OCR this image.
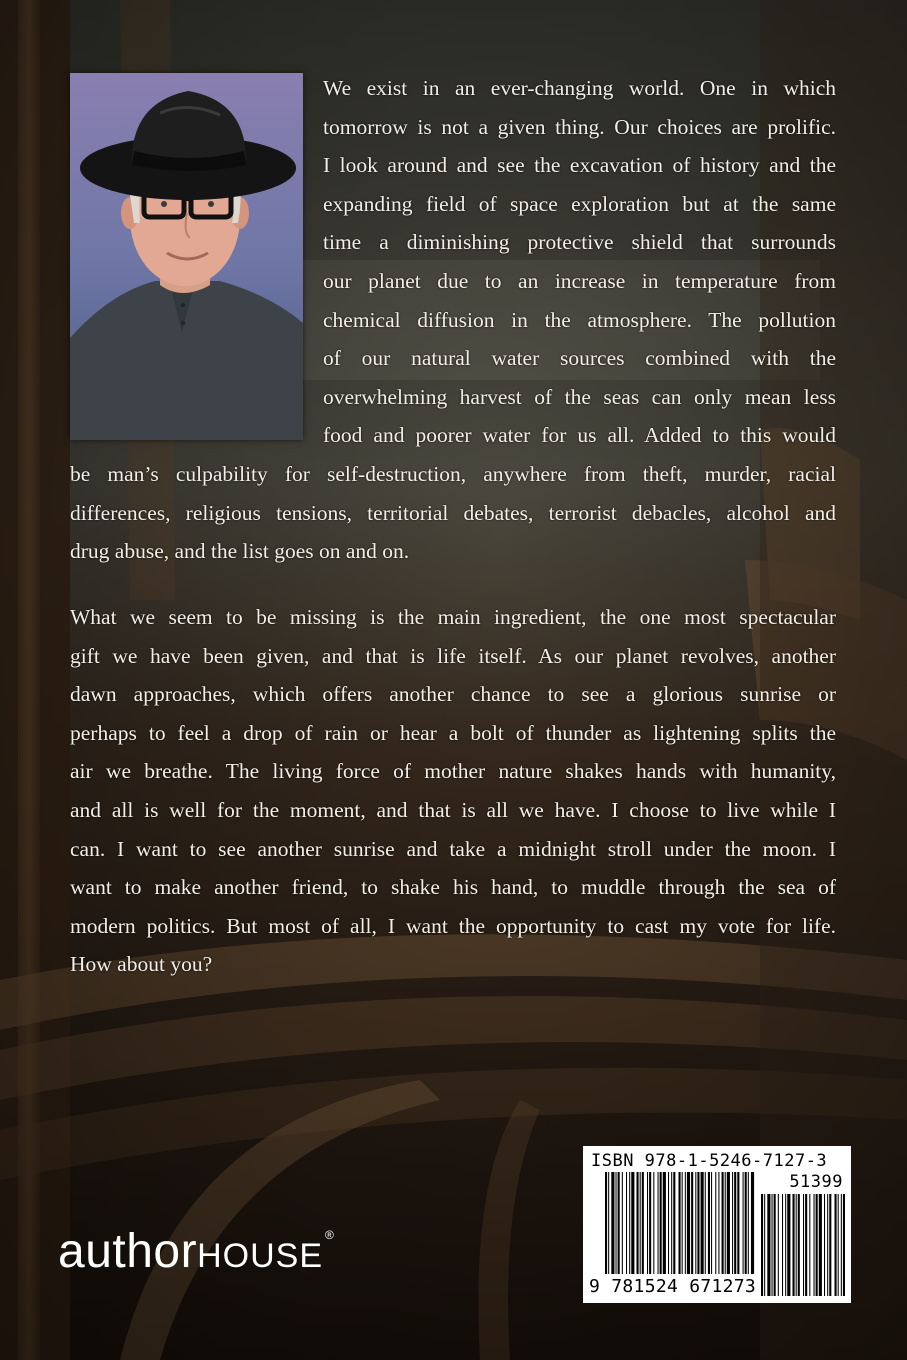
We exist in an ever-changing world. One in which
tomorrow is not a given thing. Our choices are prolific.
I look around and see the excavation of history and the
expanding field of space exploration but at the same
time a diminishing protective shield that surrounds
our planet due to an increase in temperature from
chemical diffusion in the atmosphere. The pollution
of our natural water sources combined with the
overwhelming harvest of the seas can only mean less
food and poorer water for us all. Added to this would
be man’s culpability for self-destruction, anywhere from theft, murder, racial
differences, religious tensions, territorial debates, terrorist debacles, alcohol and
drug abuse, and the list goes on and on.
What we seem to be missing is the main ingredient, the one most spectacular
gift we have been given, and that is life itself. As our planet revolves, another
dawn approaches, which offers another chance to see a glorious sunrise or
perhaps to feel a drop of rain or hear a bolt of thunder as lightening splits the
air we breathe. The living force of mother nature shakes hands with humanity,
and all is well for the moment, and that is all we have. I choose to live while I
can. I want to see another sunrise and take a midnight stroll under the moon. I
want to make another friend, to shake his hand, to muddle through the sea of
modern politics. But most of all, I want the opportunity to cast my vote for life.
How about you?
authorHOUSE®
ISBN 978-1-5246-7127-3
51399
9 781524 671273
